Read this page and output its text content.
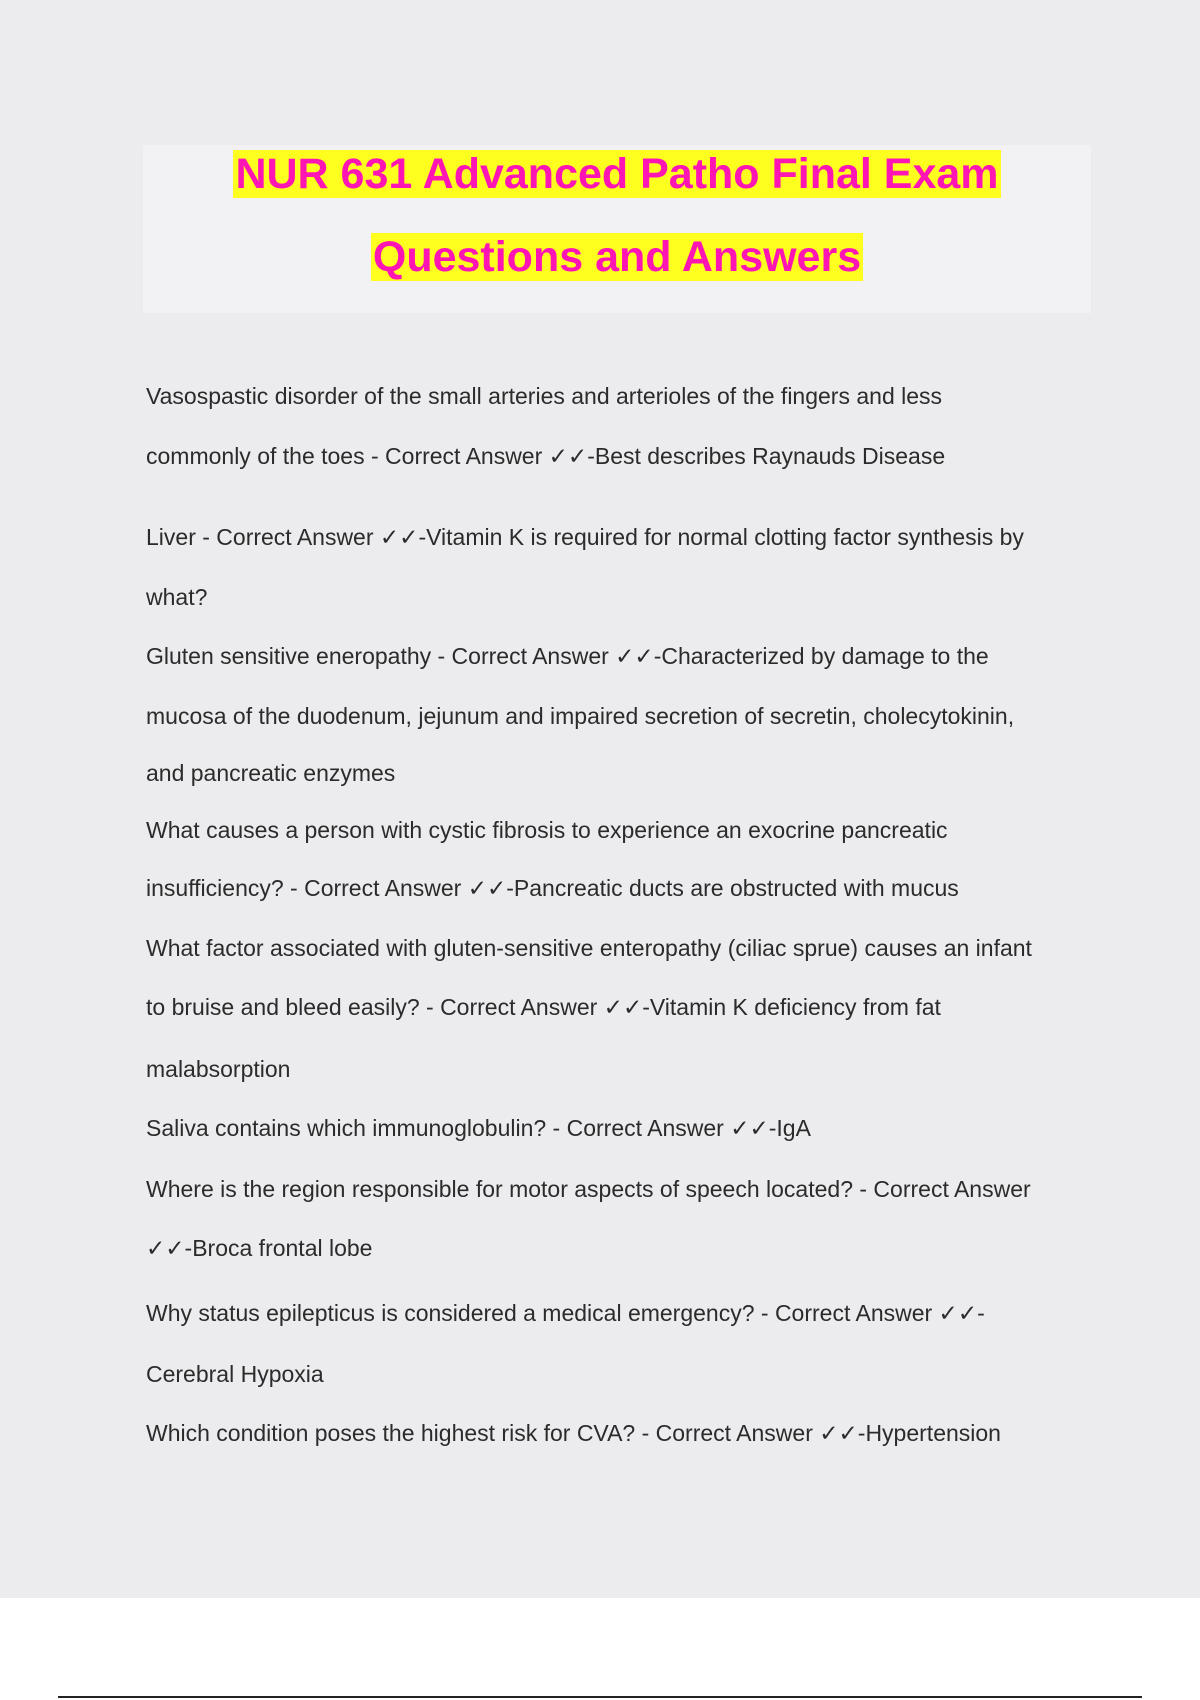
NUR 631 Advanced Patho Final Exam
Questions and Answers
Vasospastic disorder of the small arteries and arterioles of the fingers and less
commonly of the toes - Correct Answer ✓✓-Best describes Raynauds Disease
Liver - Correct Answer ✓✓-Vitamin K is required for normal clotting factor synthesis by
what?
Gluten sensitive eneropathy - Correct Answer ✓✓-Characterized by damage to the
mucosa of the duodenum, jejunum and impaired secretion of secretin, cholecytokinin,
and pancreatic enzymes
What causes a person with cystic fibrosis to experience an exocrine pancreatic
insufficiency? - Correct Answer ✓✓-Pancreatic ducts are obstructed with mucus
What factor associated with gluten-sensitive enteropathy (ciliac sprue) causes an infant
to bruise and bleed easily? - Correct Answer ✓✓-Vitamin K deficiency from fat
malabsorption
Saliva contains which immunoglobulin? - Correct Answer ✓✓-IgA
Where is the region responsible for motor aspects of speech located? - Correct Answer
✓✓-Broca frontal lobe
Why status epilepticus is considered a medical emergency? - Correct Answer ✓✓-
Cerebral Hypoxia
Which condition poses the highest risk for CVA? - Correct Answer ✓✓-Hypertension
